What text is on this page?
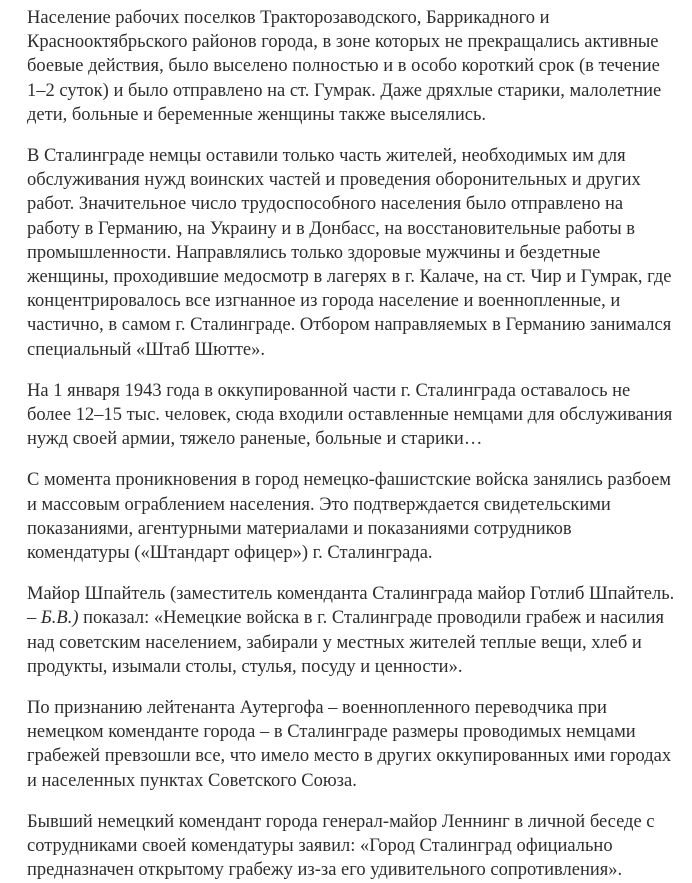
Население рабочих поселков Тракторозаводского, Баррикадного и Краснооктябрьского районов города, в зоне которых не прекращались активные боевые действия, было выселено полностью и в особо короткий срок (в течение 1–2 суток) и было отправлено на ст. Гумрак. Даже дряхлые старики, малолетние дети, больные и беременные женщины также выселялись.

В Сталинграде немцы оставили только часть жителей, необходимых им для обслуживания нужд воинских частей и проведения оборонительных и других работ. Значительное число трудоспособного населения было отправлено на работу в Германию, на Украину и в Донбасс, на восстановительные работы в промышленности. Направлялись только здоровые мужчины и бездетные женщины, проходившие медосмотр в лагерях в г. Калаче, на ст. Чир и Гумрак, где концентрировалось все изгнанное из города население и военнопленные, и частично, в самом г. Сталинграде. Отбором направляемых в Германию занимался специальный «Штаб Шютте».

На 1 января 1943 года в оккупированной части г. Сталинграда оставалось не более 12–15 тыс. человек, сюда входили оставленные немцами для обслуживания нужд своей армии, тяжело раненые, больные и старики…

С момента проникновения в город немецко-фашистские войска занялись разбоем и массовым ограблением населения. Это подтверждается свидетельскими показаниями, агентурными материалами и показаниями сотрудников комендатуры («Штандарт офицер») г. Сталинграда.

Майор Шпайтель (заместитель коменданта Сталинграда майор Готлиб Шпайтель. – Б.В.) показал: «Немецкие войска в г. Сталинграде проводили грабеж и насилия над советским населением, забирали у местных жителей теплые вещи, хлеб и продукты, изымали столы, стулья, посуду и ценности».

По признанию лейтенанта Аутергофа – военнопленного переводчика при немецком коменданте города – в Сталинграде размеры проводимых немцами грабежей превзошли все, что имело место в других оккупированных ими городах и населенных пунктах Советского Союза.

Бывший немецкий комендант города генерал-майор Леннинг в личной беседе с сотрудниками своей комендатуры заявил: «Город Сталинград официально предназначен открытому грабежу из-за его удивительного сопротивления».
